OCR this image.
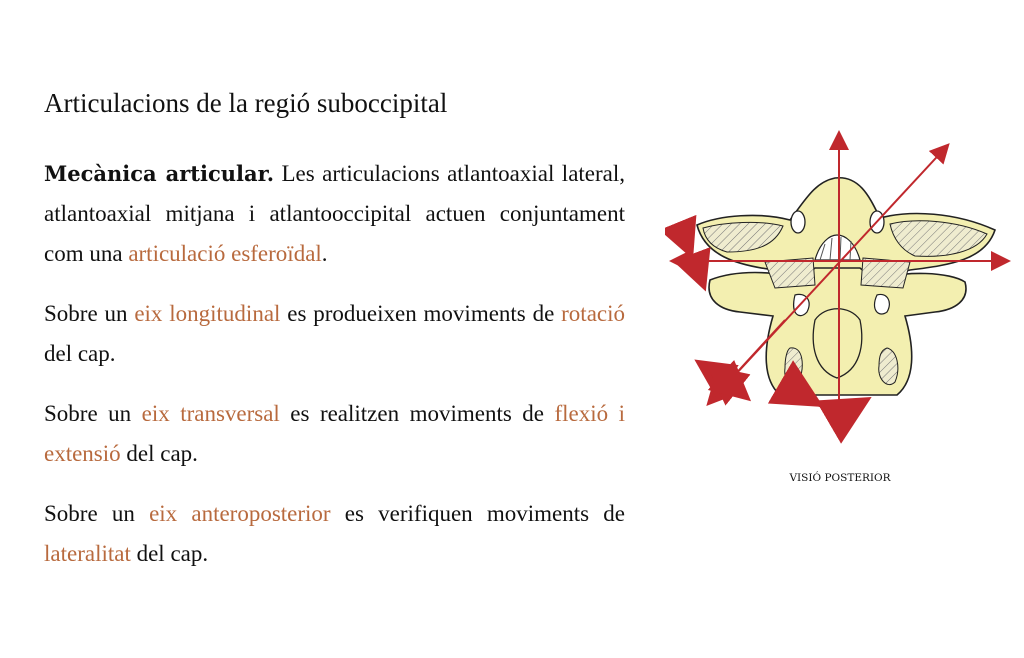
Articulacions de la regió suboccipital

Mecànica articular. Les articulacions atlantoaxial lateral, atlantoaxial mitjana i atlantooccipital actuen conjuntament com una articulació esferoïdal.

Sobre un eix longitudinal es produeixen moviments de rotació del cap.

Sobre un eix transversal es realitzen moviments de flexió i extensió del cap.

Sobre un eix anteroposterior es verifiquen moviments de lateralitat del cap.

VISIÓ POSTERIOR
